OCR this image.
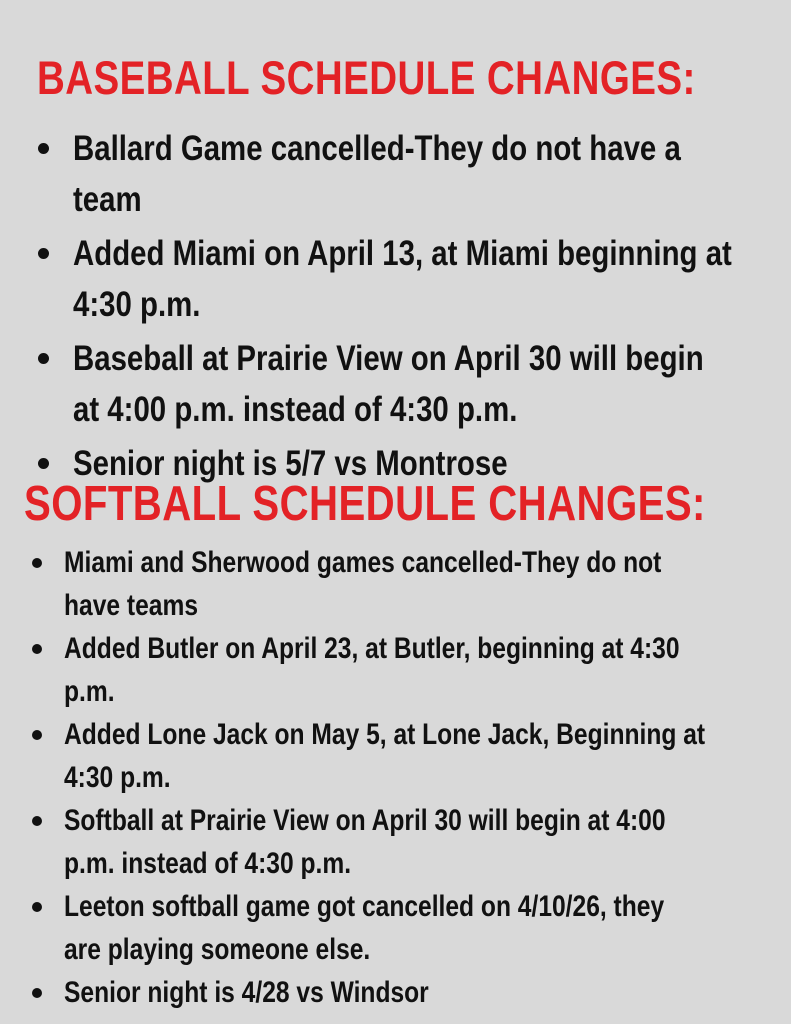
BASEBALL SCHEDULE CHANGES:
Ballard Game cancelled-They do not have a
team
Added Miami on April 13, at Miami beginning at
4:30 p.m.
Baseball at Prairie View on April 30 will begin
at 4:00 p.m. instead of 4:30 p.m.
Senior night is 5/7 vs Montrose
SOFTBALL SCHEDULE CHANGES:
Miami and Sherwood games cancelled-They do not
have teams
Added Butler on April 23, at Butler, beginning at 4:30
p.m.
Added Lone Jack on May 5, at Lone Jack, Beginning at
4:30 p.m.
Softball at Prairie View on April 30 will begin at 4:00
p.m. instead of 4:30 p.m.
Leeton softball game got cancelled on 4/10/26, they
are playing someone else.
Senior night is 4/28 vs Windsor
